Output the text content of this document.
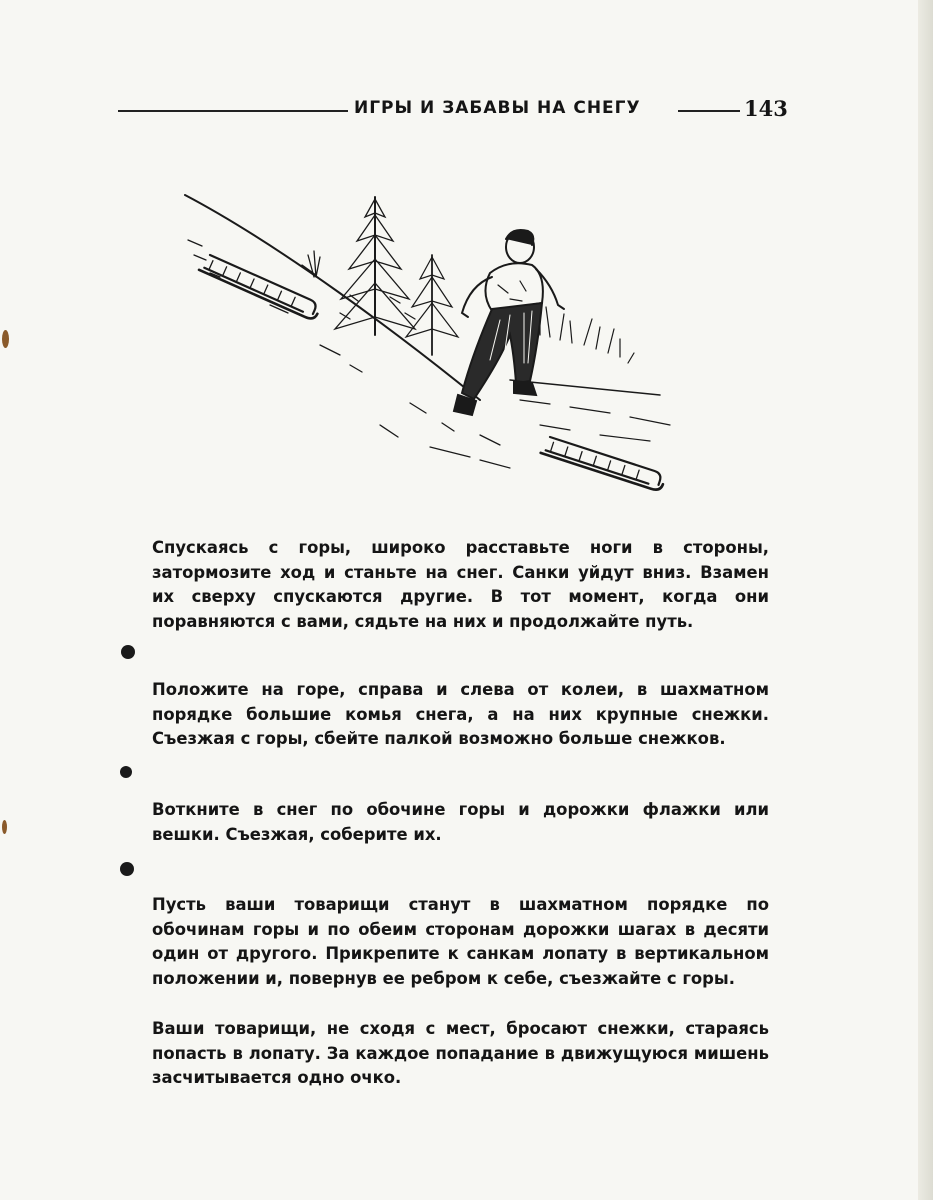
ИГРЫ И ЗАБАВЫ НА СНЕГУ	143

Спускаясь с горы, широко расставьте ноги в стороны, затормозите ход и станьте на снег. Санки уйдут вниз. Взамен их сверху спускаются другие. В тот момент, когда они поравняются с вами, сядьте на них и продолжайте путь.

Положите на горе, справа и слева от колеи, в шахматном порядке большие комья снега, а на них крупные снежки. Съезжая с горы, сбейте палкой возможно больше снежков.

Воткните в снег по обочине горы и дорожки флажки или вешки. Съезжая, соберите их.

Пусть ваши товарищи станут в шахматном порядке по обочинам горы и по обеим сторонам дорожки шагах в десяти один от другого. Прикрепите к санкам лопату в вертикальном положении и, повернув ее ребром к себе, съезжайте с горы.

Ваши товарищи, не сходя с мест, бросают снежки, стараясь попасть в лопату. За каждое попадание в движущуюся мишень засчитывается одно очко.
